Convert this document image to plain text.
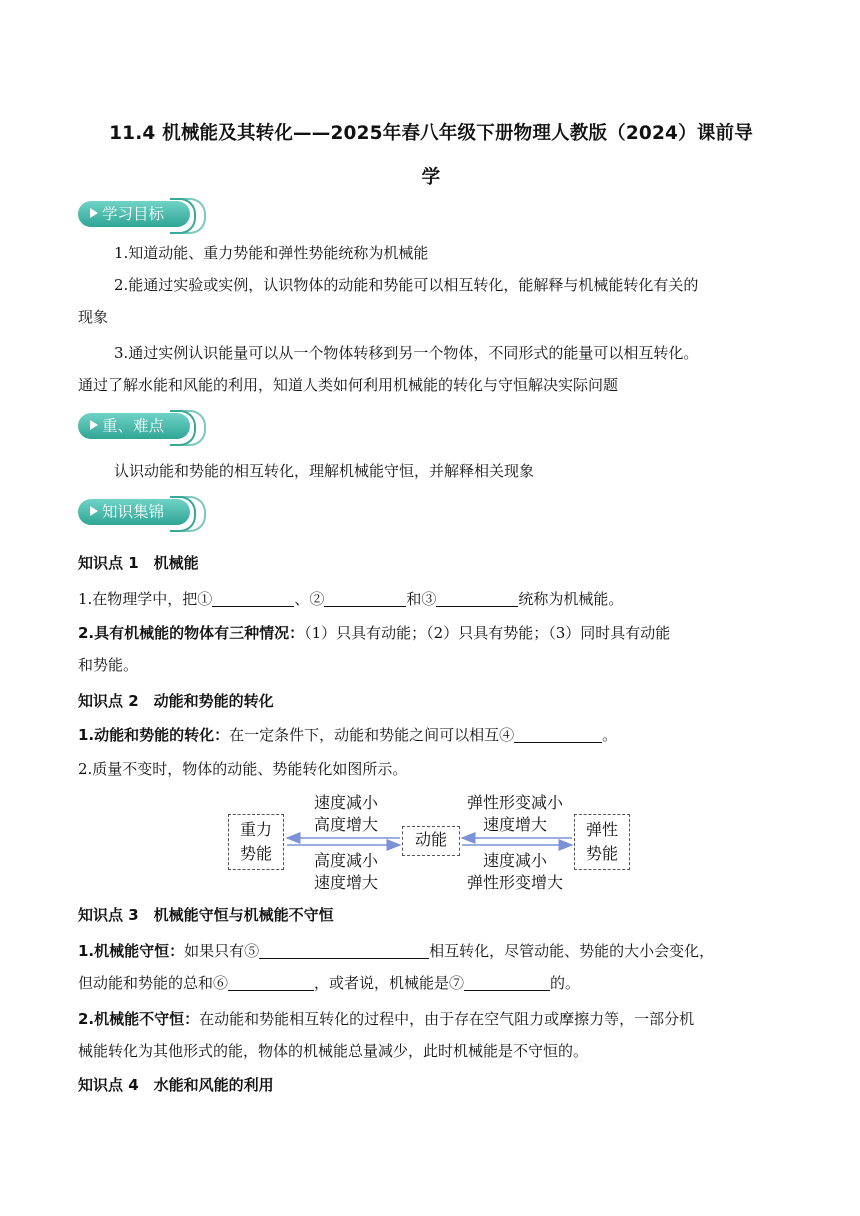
11.4 机械能及其转化——2025年春八年级下册物理人教版（2024）课前导
学
学习目标
1.知道动能、重力势能和弹性势能统称为机械能
2.能通过实验或实例，认识物体的动能和势能可以相互转化，能解释与机械能转化有关的
现象
3.通过实例认识能量可以从一个物体转移到另一个物体，不同形式的能量可以相互转化。
通过了解水能和风能的利用，知道人类如何利用机械能的转化与守恒解决实际问题
重、难点
认识动能和势能的相互转化，理解机械能守恒，并解释相关现象
知识集锦
知识点 1　机械能
1.在物理学中，把①	、②	和③	统称为机械能。
2.具有机械能的物体有三种情况：（1）只具有动能；（2）只具有势能；（3）同时具有动能
和势能。
知识点 2　动能和势能的转化
1.动能和势能的转化：在一定条件下，动能和势能之间可以相互④	。
2.质量不变时，物体的动能、势能转化如图所示。
重力
势能
动能
弹性
势能
速度减小
高度增大
高度减小
速度增大
弹性形变减小
速度增大
速度减小
弹性形变增大
知识点 3　机械能守恒与机械能不守恒
1.机械能守恒：如果只有⑤	相互转化，尽管动能、势能的大小会变化，
但动能和势能的总和⑥	，或者说，机械能是⑦	的。
2.机械能不守恒：在动能和势能相互转化的过程中，由于存在空气阻力或摩擦力等，一部分机
械能转化为其他形式的能，物体的机械能总量减少，此时机械能是不守恒的。
知识点 4　水能和风能的利用
